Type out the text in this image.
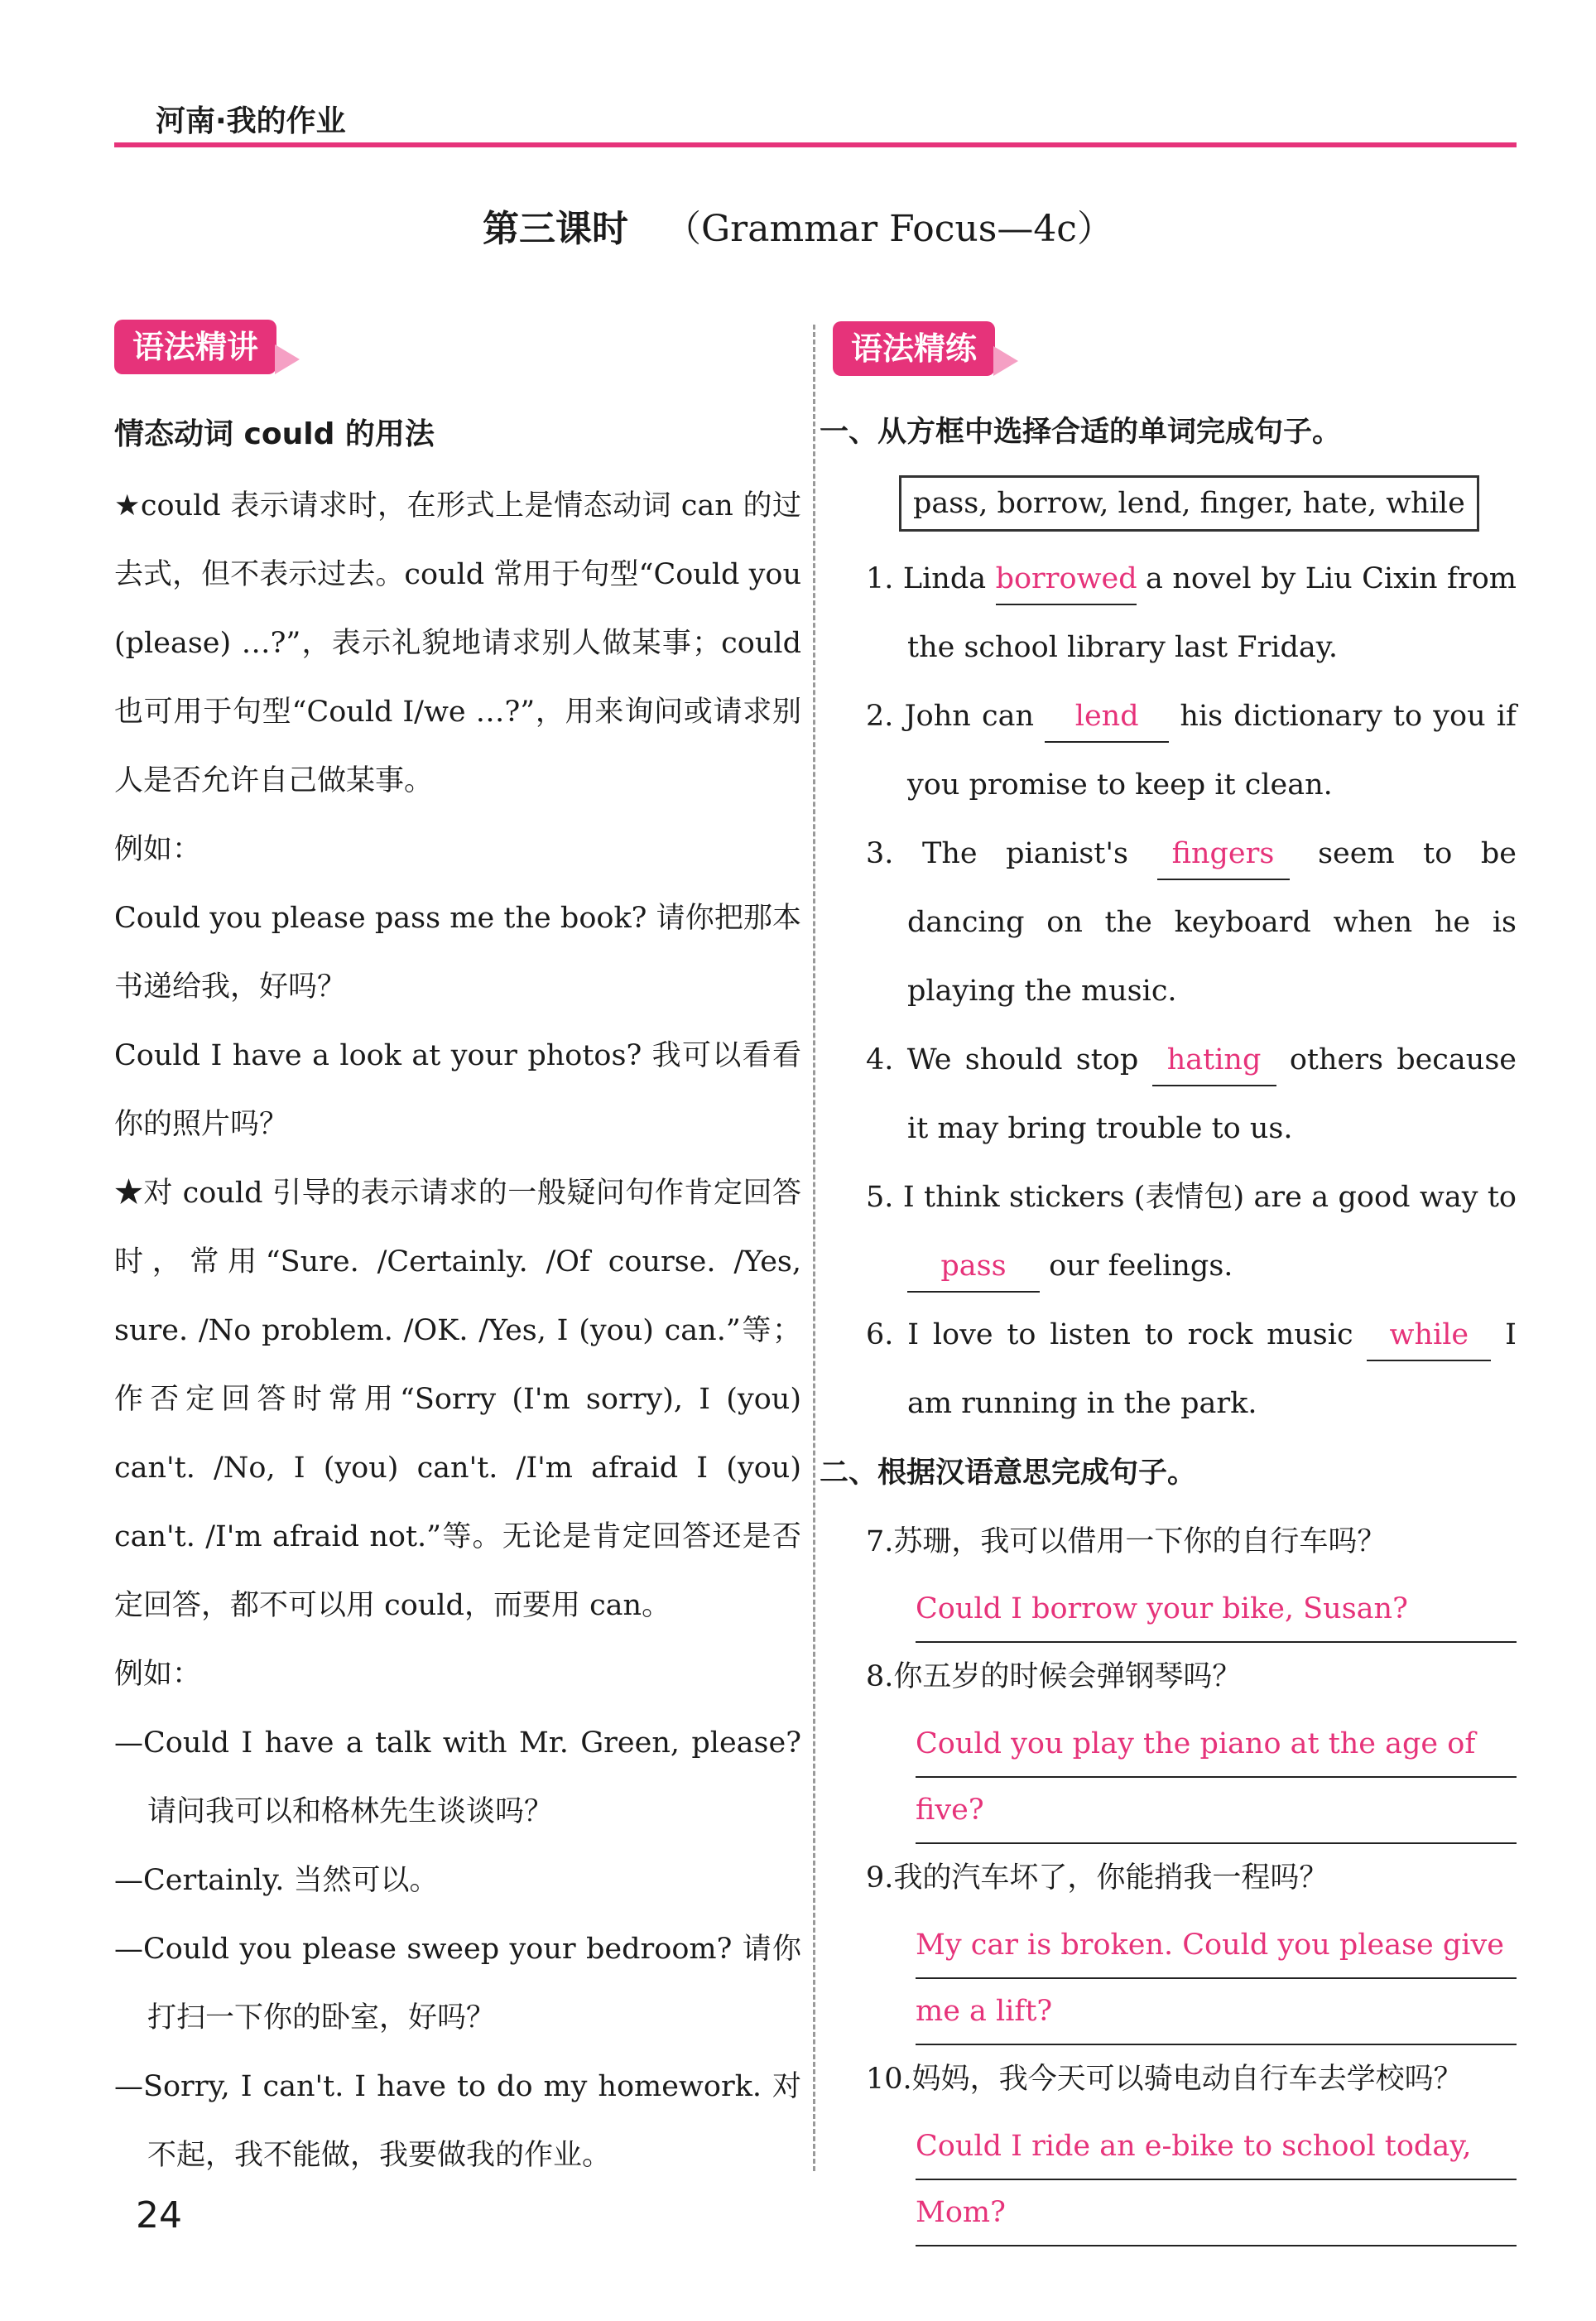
河南·我的作业
第三课时 （Grammar Focus—4c）
语法精讲	语法精练
情态动词 could 的用法
★could 表示请求时，在形式上是情态动词 can 的过去式，但不表示过去。could 常用于句型“Could you (please) …?”，表示礼貌地请求别人做某事；could 也可用于句型“Could I/we …?”，用来询问或请求别人是否允许自己做某事。
例如：
Could you please pass me the book? 请你把那本书递给我，好吗？
Could I have a look at your photos? 我可以看看你的照片吗？
★对 could 引导的表示请求的一般疑问句作肯定回答时，常用“Sure. /Certainly. /Of course. /Yes, sure. /No problem. /OK. /Yes, I (you) can.”等；作否定回答时常用“Sorry (I'm sorry), I (you) can't. /No, I (you) can't. /I'm afraid I (you) can't. /I'm afraid not.”等。无论是肯定回答还是否定回答，都不可以用 could，而要用 can。
例如：
—Could I have a talk with Mr. Green, please? 请问我可以和格林先生谈谈吗？
—Certainly. 当然可以。
—Could you please sweep your bedroom? 请你打扫一下你的卧室，好吗？
—Sorry, I can't. I have to do my homework. 对不起，我不能做，我要做我的作业。
一、从方框中选择合适的单词完成句子。
pass, borrow, lend, finger, hate, while
1. Linda borrowed a novel by Liu Cixin from the school library last Friday.
2. John can lend his dictionary to you if you promise to keep it clean.
3. The pianist's fingers seem to be dancing on the keyboard when he is playing the music.
4. We should stop hating others because it may bring trouble to us.
5. I think stickers (表情包) are a good way to pass our feelings.
6. I love to listen to rock music while I am running in the park.
二、根据汉语意思完成句子。
7.苏珊，我可以借用一下你的自行车吗？
Could I borrow your bike, Susan?
8.你五岁的时候会弹钢琴吗？
Could you play the piano at the age of
five?
9.我的汽车坏了，你能捎我一程吗？
My car is broken. Could you please give
me a lift?
10.妈妈，我今天可以骑电动自行车去学校吗？
Could I ride an e-bike to school today,
Mom?
24
